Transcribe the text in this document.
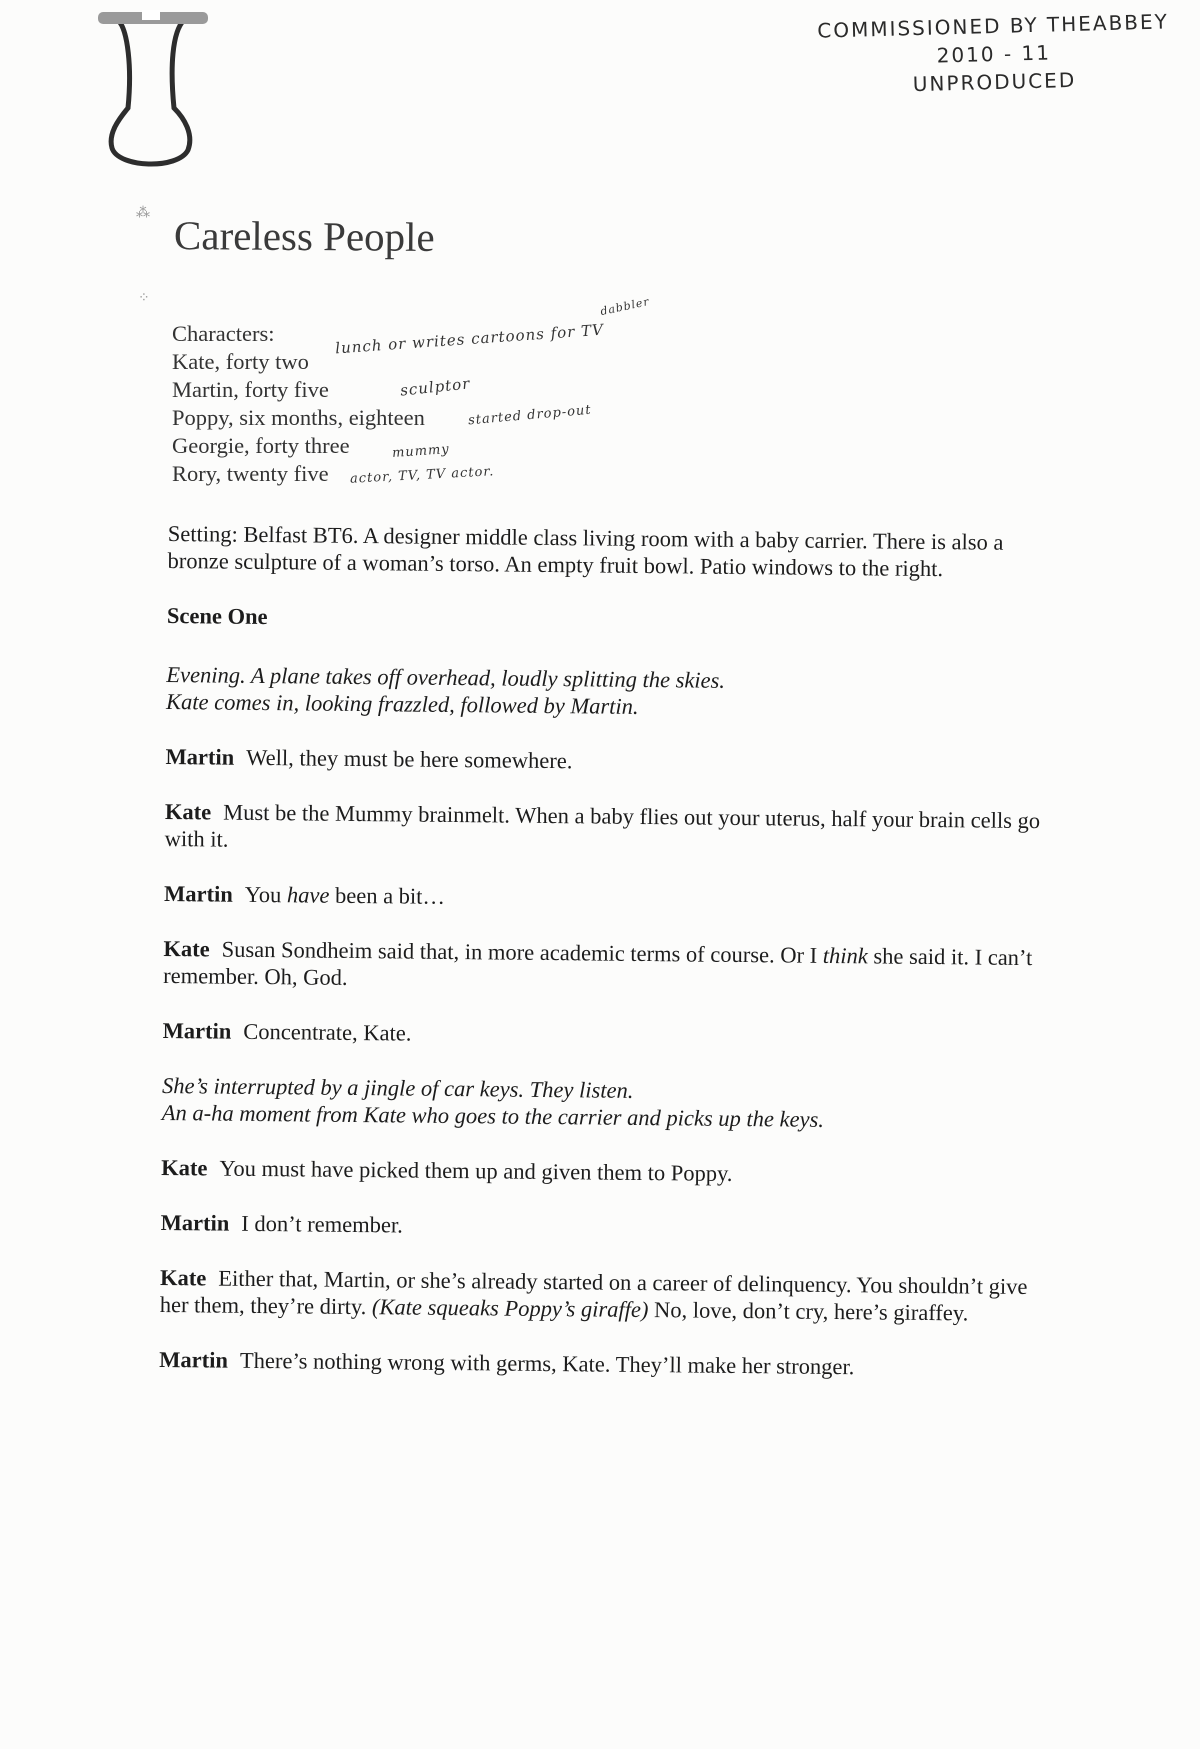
COMMISSIONED BY THEABBEY
2010 - 11
UNPRODUCED
⁂
⁘
Careless People
Characters:
Kate, forty two
Martin, forty five
Poppy, six months, eighteen
Georgie, forty three
Rory, twenty five
dabbler
lunch or writes cartoons for TV
sculptor
started drop-out
mummy
actor, TV, TV actor.

Setting: Belfast BT6. A designer middle class living room with a baby carrier. There is also a bronze sculpture of a woman’s torso. An empty fruit bowl. Patio windows to the right.

Scene One

Evening. A plane takes off overhead, loudly splitting the skies.
Kate comes in, looking frazzled, followed by Martin.

Martin Well, they must be here somewhere.

Kate Must be the Mummy brainmelt. When a baby flies out your uterus, half your brain cells go with it.

Martin You have been a bit…

Kate Susan Sondheim said that, in more academic terms of course. Or I think she said it. I can’t remember. Oh, God.

Martin Concentrate, Kate.

She’s interrupted by a jingle of car keys. They listen.
An a-ha moment from Kate who goes to the carrier and picks up the keys.

Kate You must have picked them up and given them to Poppy.

Martin I don’t remember.

Kate Either that, Martin, or she’s already started on a career of delinquency. You shouldn’t give her them, they’re dirty. (Kate squeaks Poppy’s giraffe) No, love, don’t cry, here’s giraffey.

Martin There’s nothing wrong with germs, Kate. They’ll make her stronger.
